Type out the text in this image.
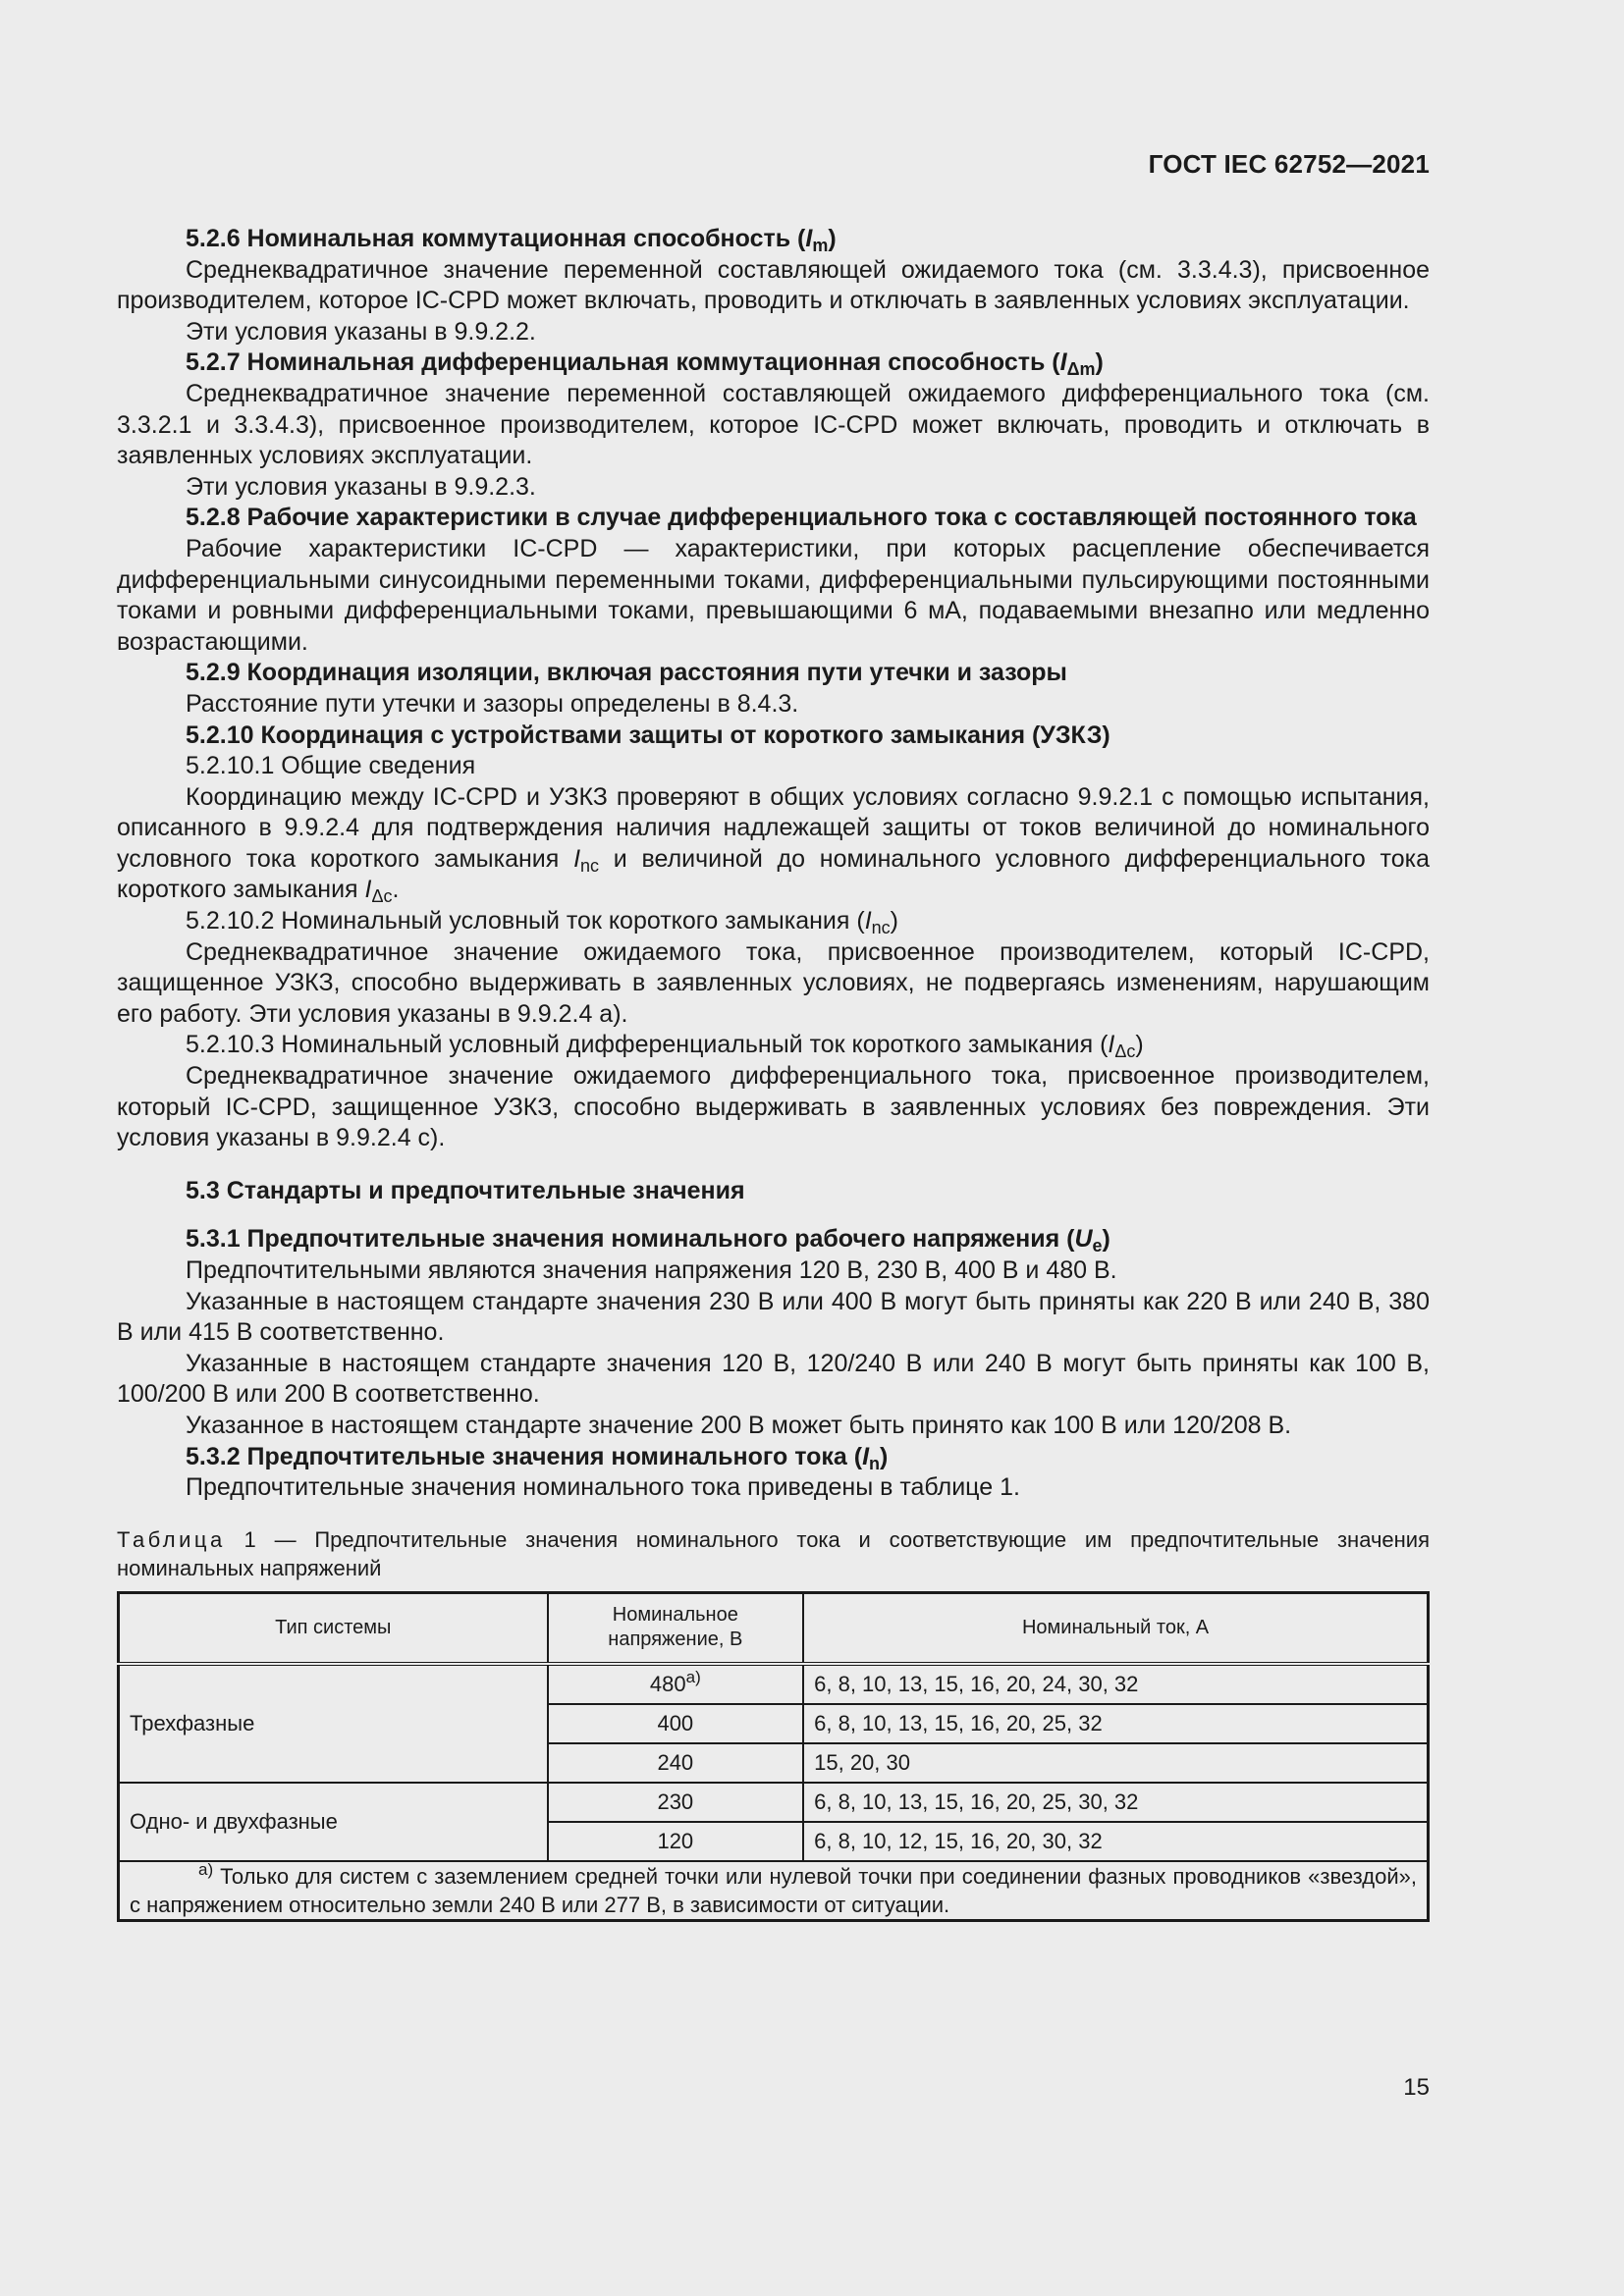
ГОСТ IEC 62752—2021

5.2.6 Номинальная коммутационная способность $(I_m)$

Среднеквадратичное значение переменной составляющей ожидаемого тока (см. 3.3.4.3), присвоенное производителем, которое IC-CPD может включать, проводить и отключать в заявленных условиях эксплуатации.

Эти условия указаны в 9.9.2.2.

5.2.7 Номинальная дифференциальная коммутационная способность $(I_{\Delta m})$

Среднеквадратичное значение переменной составляющей ожидаемого дифференциального тока (см. 3.3.2.1 и 3.3.4.3), присвоенное производителем, которое IC-CPD может включать, проводить и отключать в заявленных условиях эксплуатации.

Эти условия указаны в 9.9.2.3.

5.2.8 Рабочие характеристики в случае дифференциального тока с составляющей постоянного тока

Рабочие характеристики IC-CPD — характеристики, при которых расцепление обеспечивается дифференциальными синусоидными переменными токами, дифференциальными пульсирующими постоянными токами и ровными дифференциальными токами, превышающими 6 мА, подаваемыми внезапно или медленно возрастающими.

5.2.9 Координация изоляции, включая расстояния пути утечки и зазоры

Расстояние пути утечки и зазоры определены в 8.4.3.

5.2.10 Координация с устройствами защиты от короткого замыкания (УЗКЗ)

5.2.10.1 Общие сведения

Координацию между IC-CPD и УЗКЗ проверяют в общих условиях согласно 9.9.2.1 с помощью испытания, описанного в 9.9.2.4 для подтверждения наличия надлежащей защиты от токов величиной до номинального условного тока короткого замыкания $I_{nc}$ и величиной до номинального условного дифференциального тока короткого замыкания $I_{\Delta c}$.

5.2.10.2 Номинальный условный ток короткого замыкания $(I_{nc})$

Среднеквадратичное значение ожидаемого тока, присвоенное производителем, который IC-CPD, защищенное УЗКЗ, способно выдерживать в заявленных условиях, не подвергаясь изменениям, нарушающим его работу. Эти условия указаны в 9.9.2.4 а).

5.2.10.3 Номинальный условный дифференциальный ток короткого замыкания $(I_{\Delta c})$

Среднеквадратичное значение ожидаемого дифференциального тока, присвоенное производителем, который IC-CPD, защищенное УЗКЗ, способно выдерживать в заявленных условиях без повреждения. Эти условия указаны в 9.9.2.4 с).

5.3 Стандарты и предпочтительные значения

5.3.1 Предпочтительные значения номинального рабочего напряжения $(U_e)$

Предпочтительными являются значения напряжения 120 В, 230 В, 400 В и 480 В.

Указанные в настоящем стандарте значения 230 В или 400 В могут быть приняты как 220 В или 240 В, 380 В или 415 В соответственно.

Указанные в настоящем стандарте значения 120 В, 120/240 В или 240 В могут быть приняты как 100 В, 100/200 В или 200 В соответственно.

Указанное в настоящем стандарте значение 200 В может быть принято как 100 В или 120/208 В.

5.3.2 Предпочтительные значения номинального тока $(I_n)$

Предпочтительные значения номинального тока приведены в таблице 1.

Таблица 1 — Предпочтительные значения номинального тока и соответствующие им предпочтительные значения номинальных напряжений
Тип системы	Номинальное напряжение, В	Номинальный ток, А
Трехфазные	$480^{а)}$	6, 8, 10, 13, 15, 16, 20, 24, 30, 32
	400	6, 8, 10, 13, 15, 16, 20, 25, 32
	240	15, 20, 30
Одно- и двухфазные	230	6, 8, 10, 13, 15, 16, 20, 25, 30, 32
	120	6, 8, 10, 12, 15, 16, 20, 30, 32
$^{а)}$ Только для систем с заземлением средней точки или нулевой точки при соединении фазных проводников «звездой», с напряжением относительно земли 240 В или 277 В, в зависимости от ситуации.		
15
